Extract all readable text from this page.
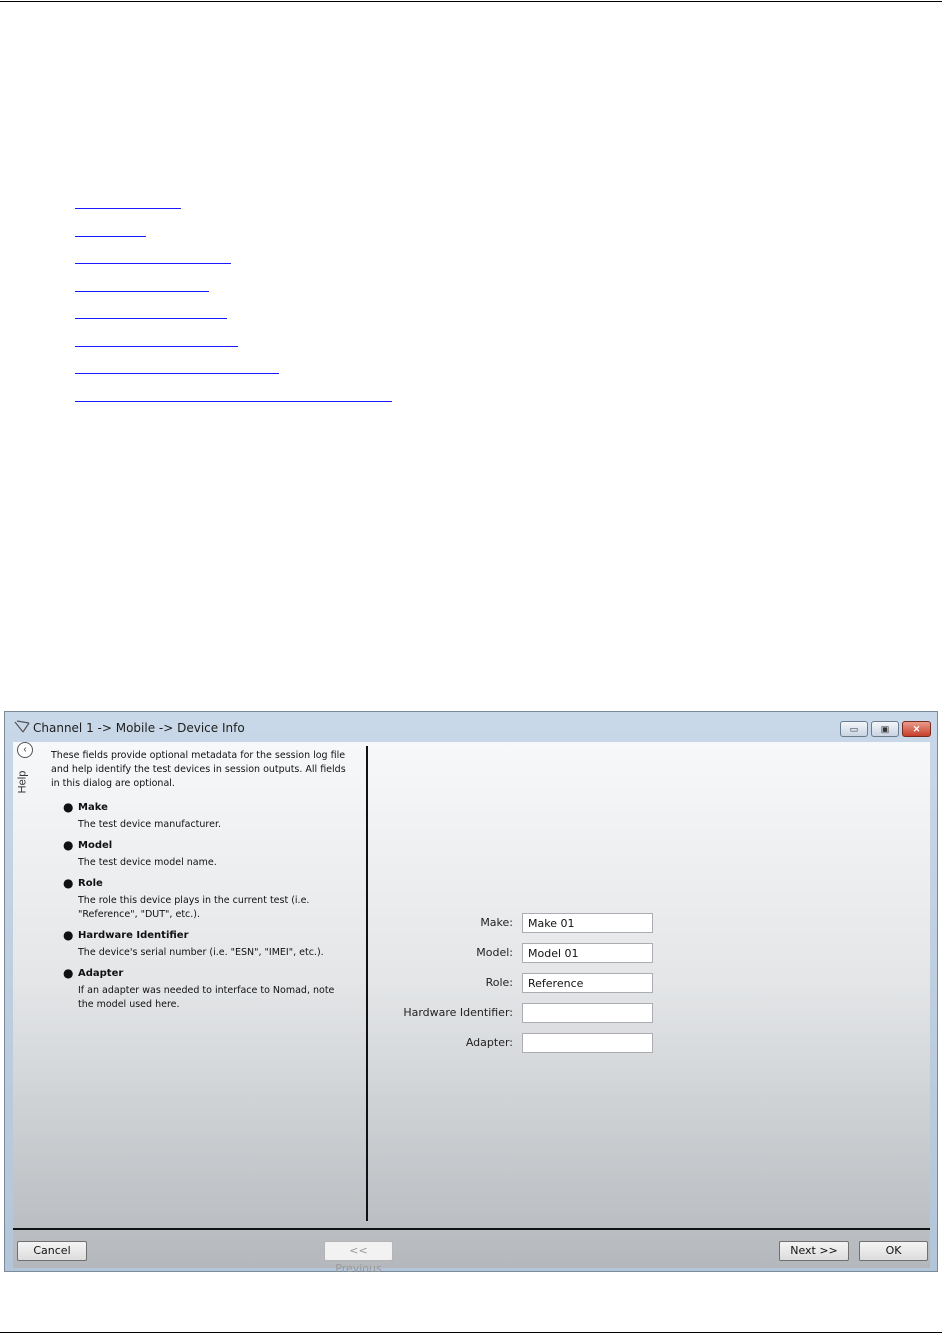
Channel 1 -> Mobile -> Device Info	▭ ▣	✕
‹
Help

These fields provide optional metadata for the session log file and help identify the test devices in session outputs. All fields in this dialog are optional.

● Make
The test device manufacturer.
● Model
The test device model name.
● Role
The role this device plays in the current test (i.e. "Reference", "DUT", etc.).
● Hardware Identifier
The device's serial number (i.e. "ESN", "IMEI", etc.).
● Adapter
If an adapter was needed to interface to Nomad, note the model used here.
Make:
Make 01
Model:
Model 01
Role:
Reference
Hardware Identifier:
Adapter:
Cancel	<< Previous
Next >>	OK
